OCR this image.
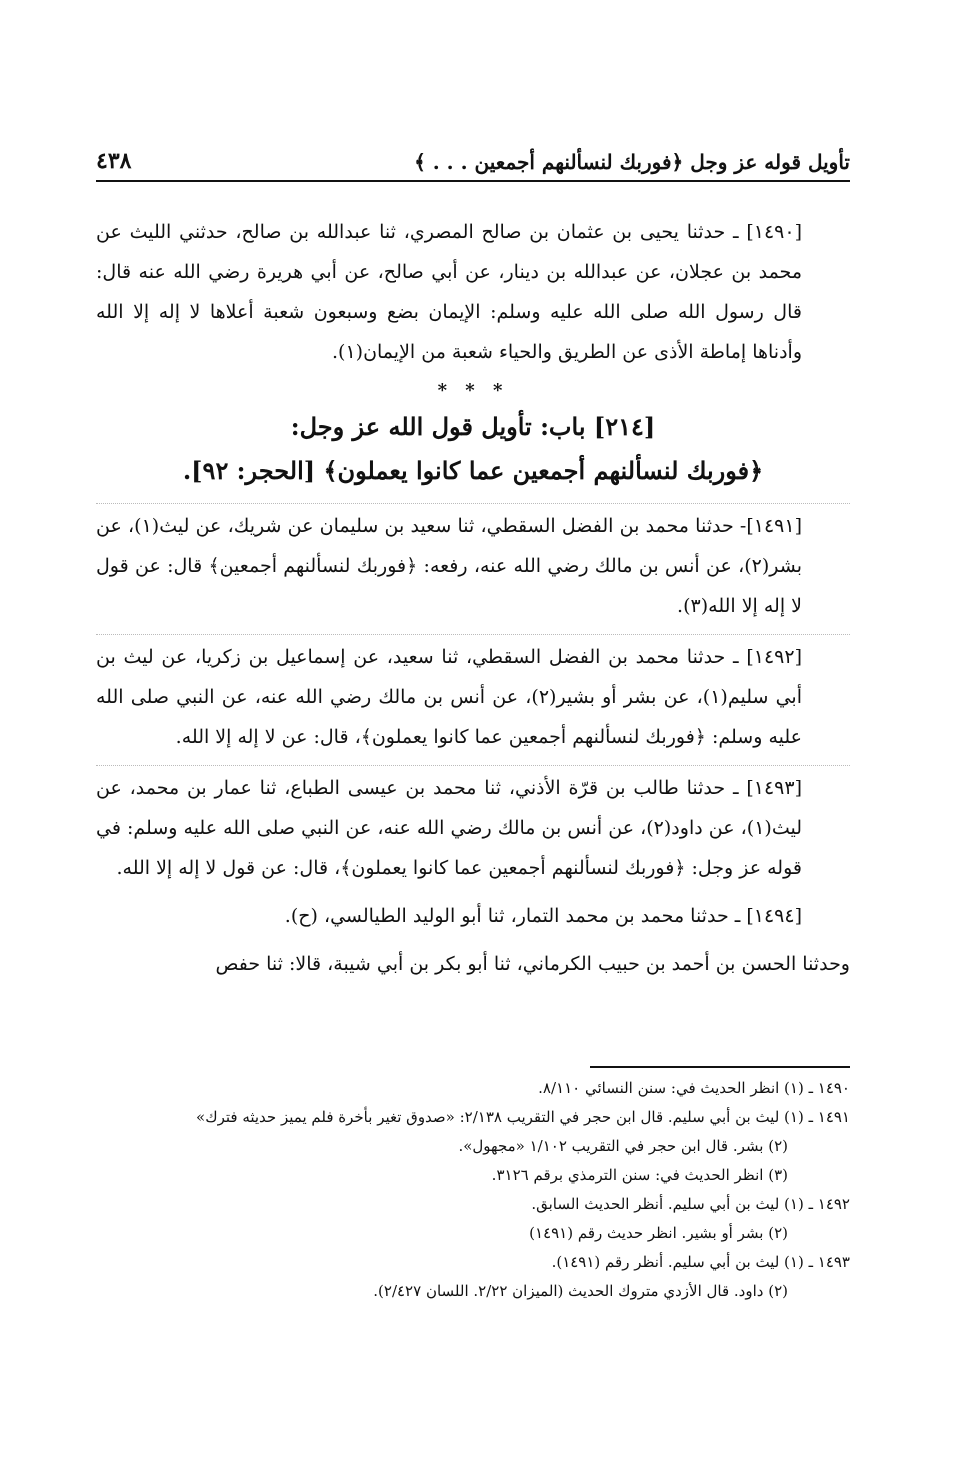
٤٣٨	تأويل قوله عز وجل ﴿فوربك لنسألنهم أجمعين . . . ﴾

[١٤٩٠] ـ حدثنا يحيى بن عثمان بن صالح المصري، ثنا عبدالله بن صالح، حدثني الليث عن محمد بن عجلان، عن عبدالله بن دينار، عن أبي صالح، عن أبي هريرة رضي الله عنه قال: قال رسول الله صلى الله عليه وسلم: الإيمان بضع وسبعون شعبة أعلاها لا إله إلا الله وأدناها إماطة الأذى عن الطريق والحياء شعبة من الإيمان(١).

* * *
[٢١٤] باب: تأويل قول الله عز وجل:
﴿فوربك لنسألنهم أجمعين عما كانوا يعملون﴾ [الحجر: ٩٢].

[١٤٩١]- حدثنا محمد بن الفضل السقطي، ثنا سعيد بن سليمان عن شريك، عن ليث(١)، عن بشر(٢)، عن أنس بن مالك رضي الله عنه، رفعه: ﴿فوربك لنسألنهم أجمعين﴾ قال: عن قول لا إله إلا الله(٣).

[١٤٩٢] ـ حدثنا محمد بن الفضل السقطي، ثنا سعيد، عن إسماعيل بن زكريا، عن ليث بن أبي سليم(١)، عن بشر أو بشير(٢)، عن أنس بن مالك رضي الله عنه، عن النبي صلى الله عليه وسلم: ﴿فوربك لنسألنهم أجمعين عما كانوا يعملون﴾، قال: عن لا إله إلا الله.

[١٤٩٣] ـ حدثنا طالب بن قرّة الأذني، ثنا محمد بن عيسى الطباع، ثنا عمار بن محمد، عن ليث(١)، عن داود(٢)، عن أنس بن مالك رضي الله عنه، عن النبي صلى الله عليه وسلم: في قوله عز وجل: ﴿فوربك لنسألنهم أجمعين عما كانوا يعملون﴾، قال: عن قول لا إله إلا الله.

[١٤٩٤] ـ حدثنا محمد بن محمد التمار، ثنا أبو الوليد الطيالسي، (ح).

وحدثنا الحسن بن أحمد بن حبيب الكرماني، ثنا أبو بكر بن أبي شيبة، قالا: ثنا حفص

١٤٩٠ ـ (١) انظر الحديث في: سنن النسائي ٨/١١٠.
١٤٩١ ـ (١) ليث بن أبي سليم. قال ابن حجر في التقريب ٢/١٣٨: «صدوق تغير بأخرة فلم يميز حديثه فترك»
(٢) بشر. قال ابن حجر في التقريب ١/١٠٢ «مجهول».
(٣) انظر الحديث في: سنن الترمذي برقم ٣١٢٦.
١٤٩٢ ـ (١) ليث بن أبي سليم. أنظر الحديث السابق.
(٢) بشر أو بشير. انظر حديث رقم (١٤٩١)
١٤٩٣ ـ (١) ليث بن أبي سليم. أنظر رقم (١٤٩١).
(٢) داود. قال الأزدي متروك الحديث (الميزان ٢/٢٢. اللسان ٢/٤٢٧).
